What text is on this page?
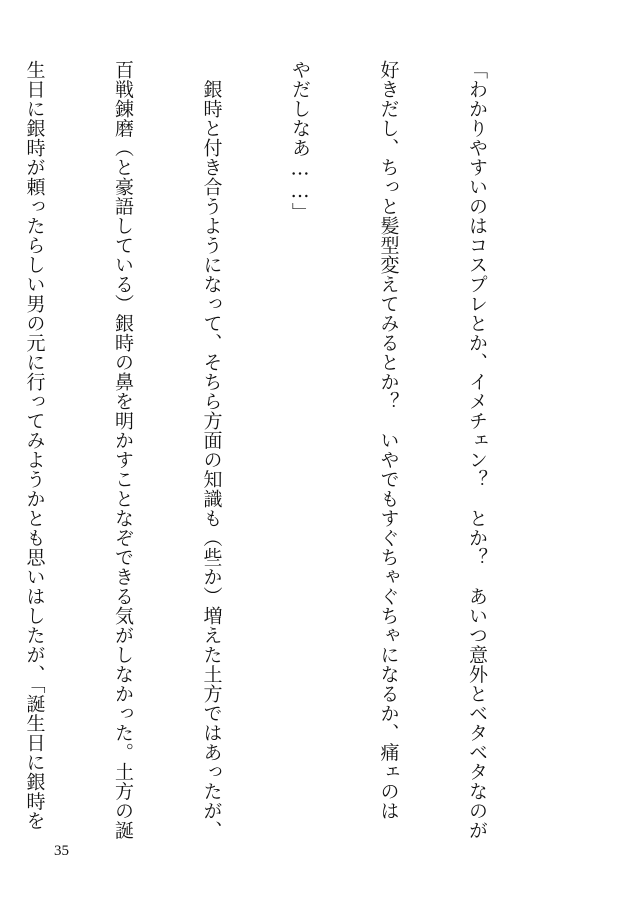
「わかりやすいのはコスプレとか、イメチェン？　とか？　あいつ意外とベタベタなのが

好きだし、ちっと髪型変えてみるとか？　いやでもすぐちゃぐちゃになるか、痛ェのは

やだしなあ……」

　銀時と付き合うようになって、そちら方面の知識も（些か）増えた土方ではあったが、

百戦錬磨（と豪語している）銀時の鼻を明かすことなぞできる気がしなかった。土方の誕

生日に銀時が頼ったらしい男の元に行ってみようかとも思いはしたが、「誕生日に銀時を

35
